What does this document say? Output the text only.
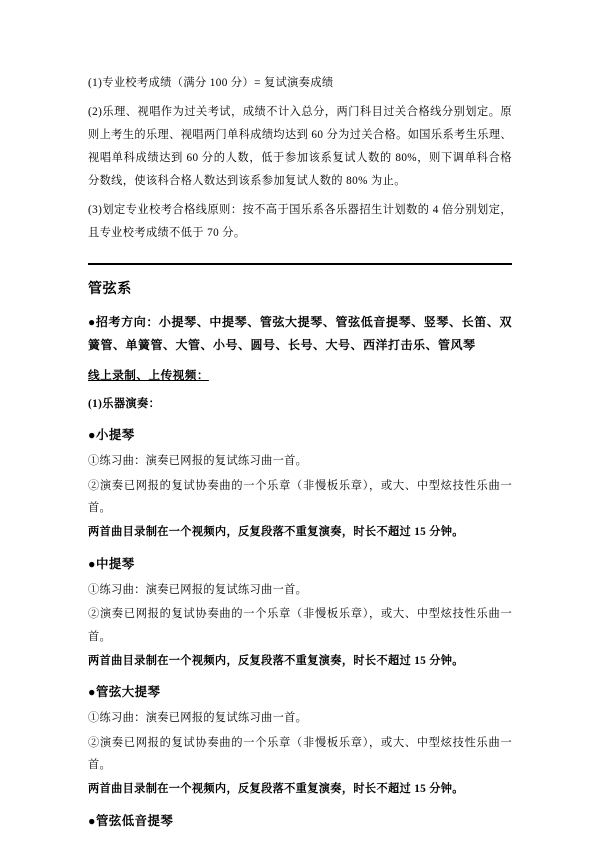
(1)专业校考成绩（满分 100 分）= 复试演奏成绩

(2)乐理、视唱作为过关考试，成绩不计入总分，两门科目过关合格线分别划定。原则上考生的乐理、视唱两门单科成绩均达到 60 分为过关合格。如国乐系考生乐理、视唱单科成绩达到 60 分的人数，低于参加该系复试人数的 80%，则下调单科合格分数线，使该科合格人数达到该系参加复试人数的 80% 为止。

(3)划定专业校考合格线原则：按不高于国乐系各乐器招生计划数的 4 倍分别划定，且专业校考成绩不低于 70 分。

管弦系

●招考方向：小提琴、中提琴、管弦大提琴、管弦低音提琴、竖琴、长笛、双簧管、单簧管、大管、小号、圆号、长号、大号、西洋打击乐、管风琴

线上录制、上传视频：

(1)乐器演奏：

●小提琴

①练习曲：演奏已网报的复试练习曲一首。

②演奏已网报的复试协奏曲的一个乐章（非慢板乐章），或大、中型炫技性乐曲一首。

两首曲目录制在一个视频内，反复段落不重复演奏，时长不超过 15 分钟。

●中提琴

①练习曲：演奏已网报的复试练习曲一首。

②演奏已网报的复试协奏曲的一个乐章（非慢板乐章），或大、中型炫技性乐曲一首。

两首曲目录制在一个视频内，反复段落不重复演奏，时长不超过 15 分钟。

●管弦大提琴

①练习曲：演奏已网报的复试练习曲一首。

②演奏已网报的复试协奏曲的一个乐章（非慢板乐章），或大、中型炫技性乐曲一首。

两首曲目录制在一个视频内，反复段落不重复演奏，时长不超过 15 分钟。

●管弦低音提琴
